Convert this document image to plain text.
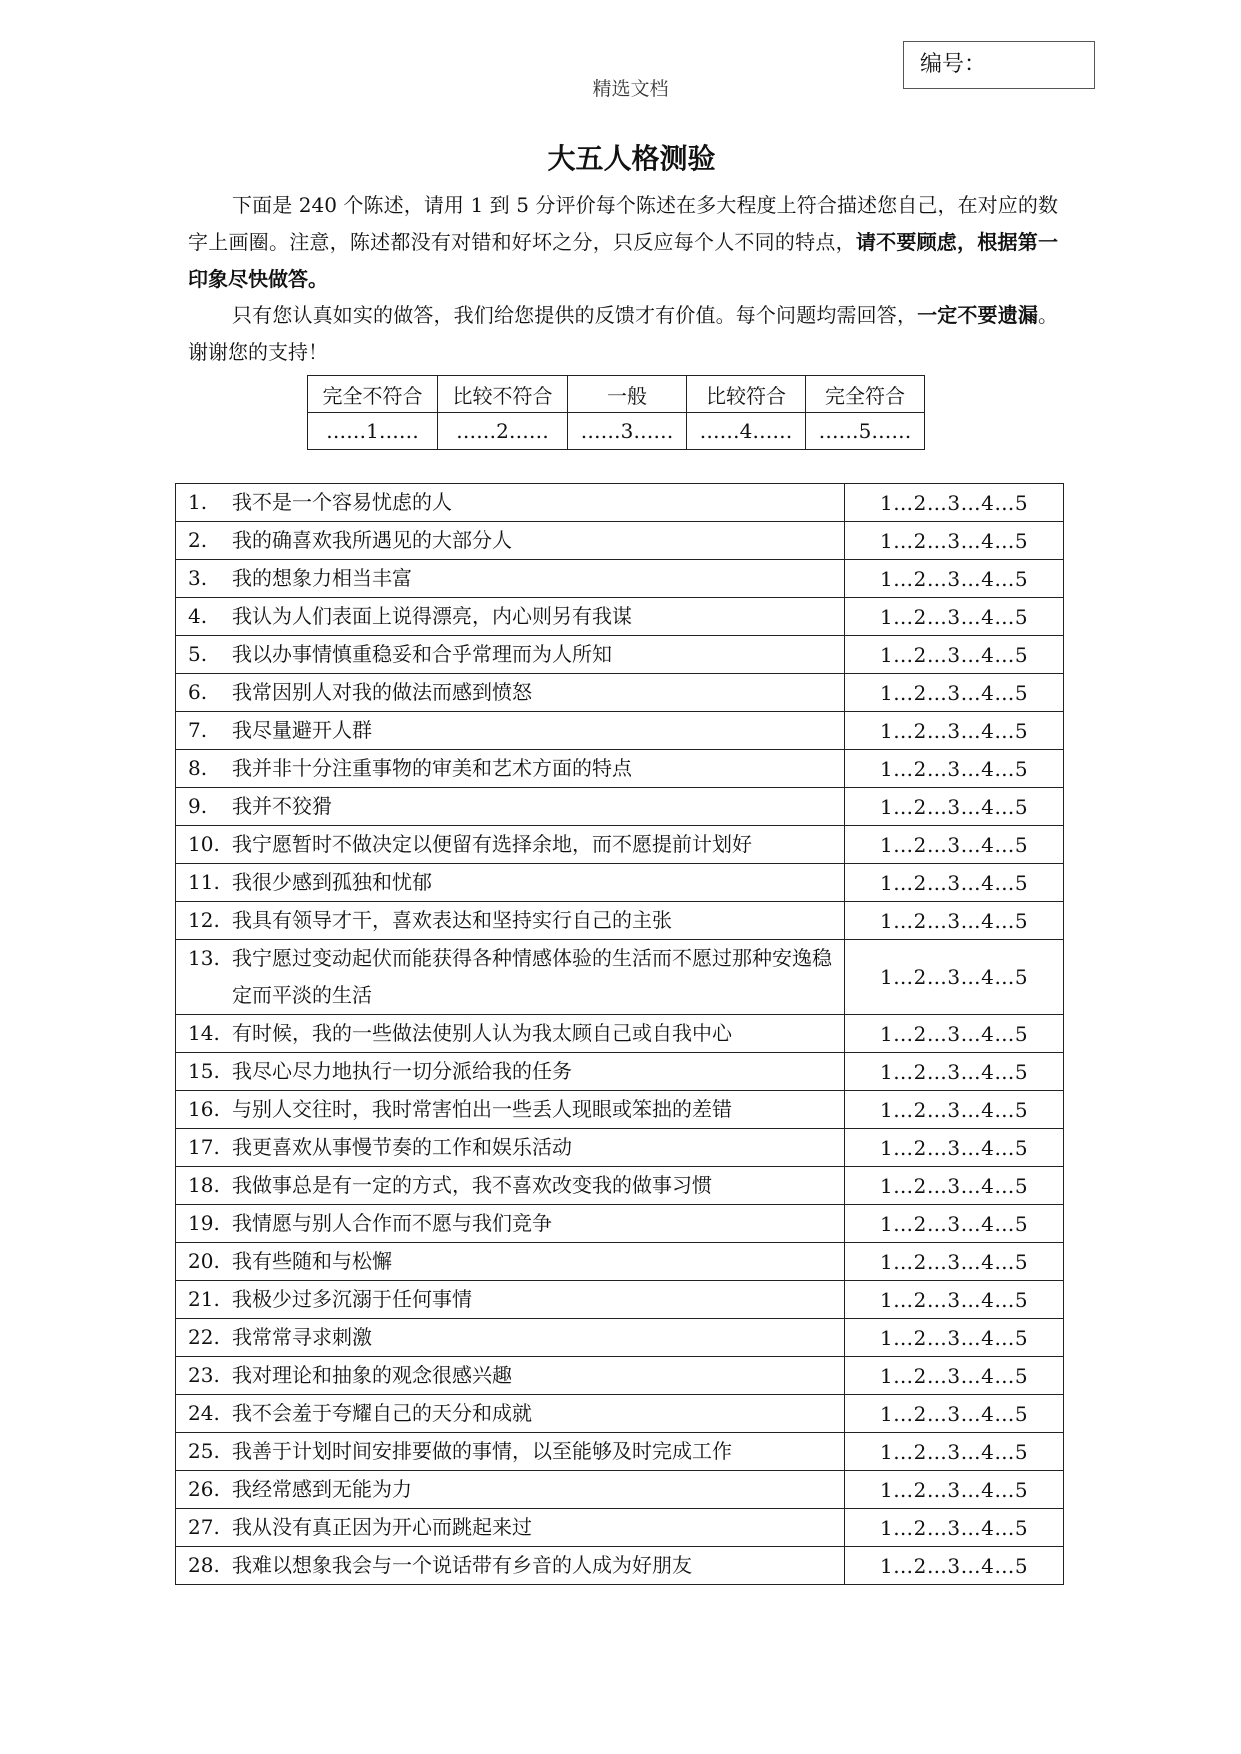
编号：
精选文档
大五人格测验

下面是 240 个陈述，请用 1 到 5 分评价每个陈述在多大程度上符合描述您自己，在对应的数字上画圈。注意，陈述都没有对错和好坏之分，只反应每个人不同的特点，请不要顾虑，根据第一印象尽快做答。

只有您认真如实的做答，我们给您提供的反馈才有价值。每个问题均需回答，一定不要遗漏。谢谢您的支持！

完全不符合	比较不符合	一般	比较符合	完全符合
……1……	……2……	……3……	……4……	……5……
1. 我不是一个容易忧虑的人	1…2…3…4…5

2. 我的确喜欢我所遇见的大部分人	1…2…3…4…5

3. 我的想象力相当丰富	1…2…3…4…5

4. 我认为人们表面上说得漂亮，内心则另有我谋	1…2…3…4…5

5. 我以办事情慎重稳妥和合乎常理而为人所知	1…2…3…4…5

6. 我常因别人对我的做法而感到愤怒	1…2…3…4…5

7. 我尽量避开人群	1…2…3…4…5

8. 我并非十分注重事物的审美和艺术方面的特点	1…2…3…4…5

9. 我并不狡猾	1…2…3…4…5

10. 我宁愿暂时不做决定以便留有选择余地，而不愿提前计划好	1…2…3…4…5

11. 我很少感到孤独和忧郁	1…2…3…4…5

12. 我具有领导才干，喜欢表达和坚持实行自己的主张	1…2…3…4…5

13. 我宁愿过变动起伏而能获得各种情感体验的生活而不愿过那种安逸稳定而平淡的生活	1…2…3…4…5

14. 有时候，我的一些做法使别人认为我太顾自己或自我中心	1…2…3…4…5

15. 我尽心尽力地执行一切分派给我的任务	1…2…3…4…5

16. 与别人交往时，我时常害怕出一些丢人现眼或笨拙的差错	1…2…3…4…5

17. 我更喜欢从事慢节奏的工作和娱乐活动	1…2…3…4…5

18. 我做事总是有一定的方式，我不喜欢改变我的做事习惯	1…2…3…4…5

19. 我情愿与别人合作而不愿与我们竞争	1…2…3…4…5

20. 我有些随和与松懈	1…2…3…4…5

21. 我极少过多沉溺于任何事情	1…2…3…4…5

22. 我常常寻求刺激	1…2…3…4…5

23. 我对理论和抽象的观念很感兴趣	1…2…3…4…5

24. 我不会羞于夸耀自己的天分和成就	1…2…3…4…5

25. 我善于计划时间安排要做的事情，以至能够及时完成工作	1…2…3…4…5

26. 我经常感到无能为力	1…2…3…4…5

27. 我从没有真正因为开心而跳起来过	1…2…3…4…5

28. 我难以想象我会与一个说话带有乡音的人成为好朋友	1…2…3…4…5
